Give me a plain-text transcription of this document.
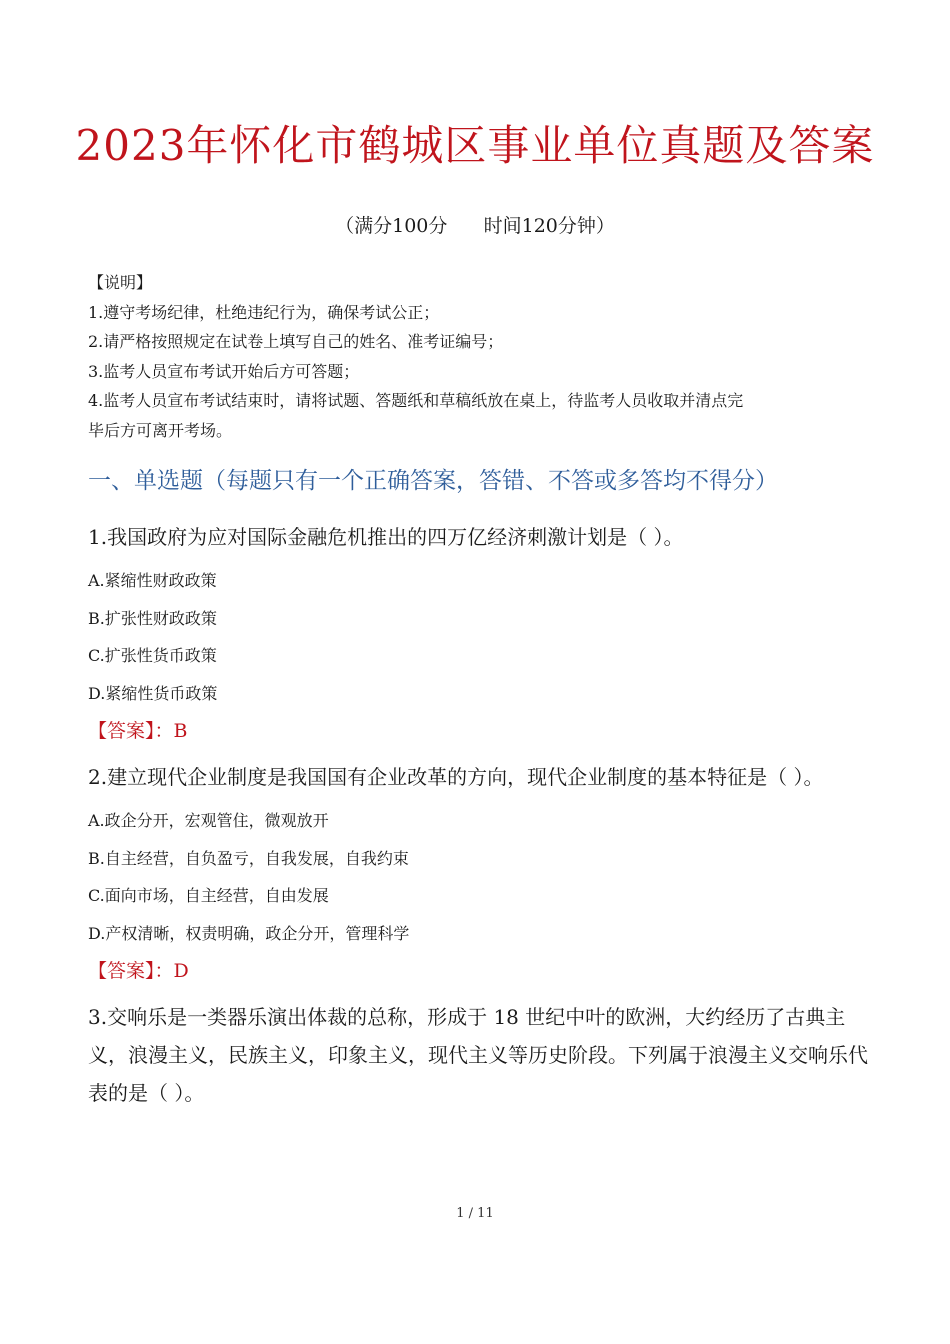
2023年怀化市鹤城区事业单位真题及答案
（满分100分      时间120分钟）
【说明】
1.遵守考场纪律，杜绝违纪行为，确保考试公正；
2.请严格按照规定在试卷上填写自己的姓名、准考证编号；
3.监考人员宣布考试开始后方可答题；
4.监考人员宣布考试结束时，请将试题、答题纸和草稿纸放在桌上，待监考人员收取并清点完
毕后方可离开考场。
一、单选题（每题只有一个正确答案，答错、不答或多答均不得分）
1.我国政府为应对国际金融危机推出的四万亿经济刺激计划是（ ）。
A.紧缩性财政政策
B.扩张性财政政策
C.扩张性货币政策
D.紧缩性货币政策
【答案】：B
2.建立现代企业制度是我国国有企业改革的方向，现代企业制度的基本特征是（ ）。
A.政企分开，宏观管住，微观放开
B.自主经营，自负盈亏，自我发展，自我约束
C.面向市场，自主经营，自由发展
D.产权清晰，权责明确，政企分开，管理科学
【答案】：D
3.交响乐是一类器乐演出体裁的总称，形成于 18 世纪中叶的欧洲，大约经历了古典主义，浪漫主义，民族主义，印象主义，现代主义等历史阶段。下列属于浪漫主义交响乐代表的是（ ）。
1 / 11
